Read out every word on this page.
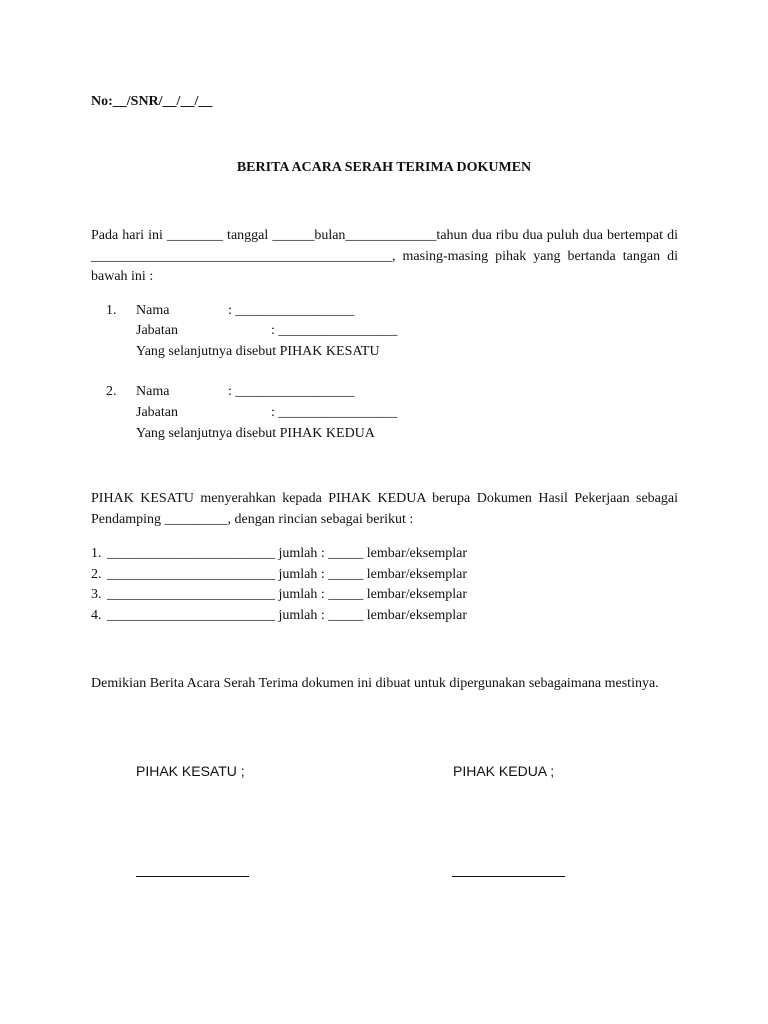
No:__/SNR/__/__/__
BERITA ACARA SERAH TERIMA DOKUMEN
Pada hari ini ________ tanggal ______bulan_____________tahun dua ribu dua puluh dua bertempat di ___________________________________________, masing-masing pihak yang bertanda tangan di bawah ini :
1. Nama	: _________________
Jabatan	: _________________
Yang selanjutnya disebut PIHAK KESATU
2. Nama	: _________________
Jabatan	: _________________
Yang selanjutnya disebut PIHAK KEDUA
PIHAK KESATU menyerahkan kepada PIHAK KEDUA berupa Dokumen Hasil Pekerjaan sebagai Pendamping _________, dengan rincian sebagai berikut :
1. ________________________ jumlah : _____ lembar/eksemplar
2. ________________________ jumlah : _____ lembar/eksemplar
3. ________________________ jumlah : _____ lembar/eksemplar
4. ________________________ jumlah : _____ lembar/eksemplar
Demikian Berita Acara Serah Terima dokumen ini dibuat untuk dipergunakan sebagaimana mestinya.
PIHAK KESATU ;	PIHAK KEDUA ;
